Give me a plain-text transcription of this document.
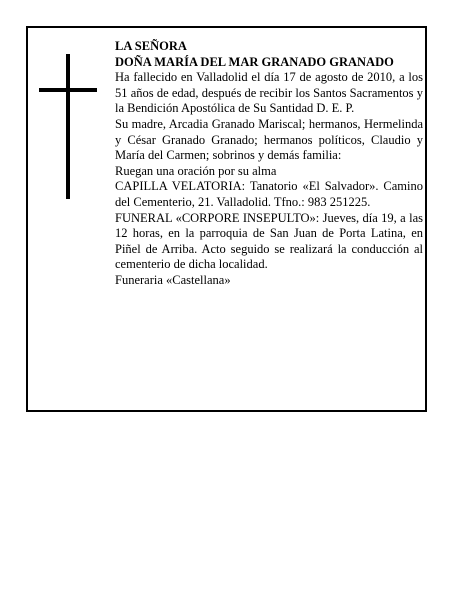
LA SEÑORA

DOÑA MARÍA DEL MAR GRANADO GRANADO

Ha fallecido en Valladolid el día 17 de agosto de 2010, a los 51 años de edad, después de recibir los Santos Sacramentos y la Bendición Apostólica de Su Santidad D. E. P.

Su madre, Arcadia Granado Mariscal; hermanos, Hermelinda y César Granado Granado; hermanos políticos, Claudio y María del Carmen; sobrinos y demás familia:

Ruegan una oración por su alma

CAPILLA VELATORIA: Tanatorio «El Salvador». Camino del Cementerio, 21. Valladolid. Tfno.: 983 251225.

FUNERAL «CORPORE INSEPULTO»: Jueves, día 19, a las 12 horas, en la parroquia de San Juan de Porta Latina, en Piñel de Arriba. Acto seguido se realizará la conducción al cementerio de dicha localidad.

Funeraria «Castellana»
